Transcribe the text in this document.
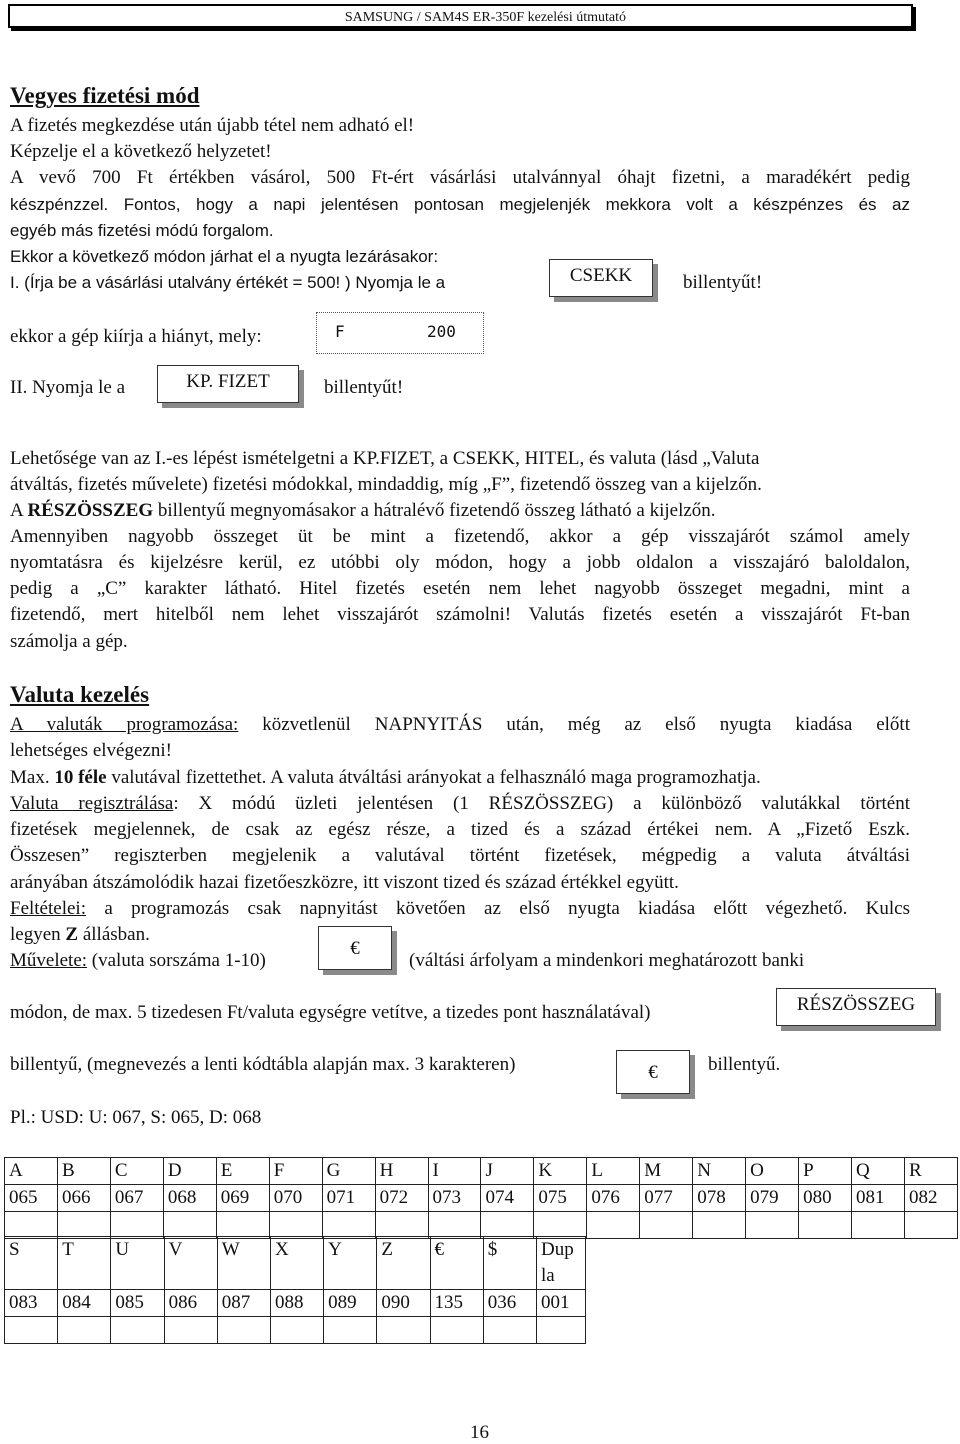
SAMSUNG / SAM4S ER-350F kezelési útmutató
Vegyes fizetési mód
A fizetés megkezdése után újabb tétel nem adható el!
Képzelje el a következő helyzetet!
A vevő 700 Ft értékben vásárol, 500 Ft-ért vásárlási utalvánnyal óhajt fizetni, a maradékért pedig
készpénzzel. Fontos, hogy a napi jelentésen pontosan megjelenjék mekkora volt a készpénzes és az
egyéb más fizetési módú forgalom.
Ekkor a következő módon járhat el a nyugta lezárásakor:
I. (Írja be a vásárlási utalvány értékét = 500! ) Nyomja le a	CSEKK	billentyűt!
ekkor a gép kiírja a hiányt, mely:	F	200
II. Nyomja le a	KP. FIZET	billentyűt!
Lehetősége van az I.-es lépést ismételgetni a KP.FIZET, a CSEKK, HITEL, és valuta (lásd „Valuta
átváltás, fizetés művelete) fizetési módokkal, mindaddig, míg „F”, fizetendő összeg van a kijelzőn.
A RÉSZÖSSZEG billentyű megnyomásakor a hátralévő fizetendő összeg látható a kijelzőn.
Amennyiben nagyobb összeget üt be mint a fizetendő, akkor a gép visszajárót számol amely
nyomtatásra és kijelzésre kerül, ez utóbbi oly módon, hogy a jobb oldalon a visszajáró baloldalon,
pedig a „C” karakter látható. Hitel fizetés esetén nem lehet nagyobb összeget megadni, mint a
fizetendő, mert hitelből nem lehet visszajárót számolni! Valutás fizetés esetén a visszajárót Ft-ban
számolja a gép.
Valuta kezelés
A valuták programozása: közvetlenül NAPNYITÁS után, még az első nyugta kiadása előtt
lehetséges elvégezni!
Max. 10 féle valutával fizettethet. A valuta átváltási arányokat a felhasználó maga programozhatja.
Valuta regisztrálása: X módú üzleti jelentésen (1 RÉSZÖSSZEG) a különböző valutákkal történt
fizetések megjelennek, de csak az egész része, a tized és a század értékei nem. A „Fizető Eszk.
Összesen” regiszterben megjelenik a valutával történt fizetések, mégpedig a valuta átváltási
arányában átszámolódik hazai fizetőeszközre, itt viszont tized és század értékkel együtt.
Feltételei: a programozás csak napnyitást követően az első nyugta kiadása előtt végezhető. Kulcs
legyen Z állásban.
Művelete: (valuta sorszáma 1-10)
€
(váltási árfolyam a mindenkori meghatározott banki
módon, de max. 5 tizedesen Ft/valuta egységre vetítve, a tizedes pont használatával)	RÉSZÖSSZEG
billentyű, (megnevezés a lenti kódtábla alapján max. 3 karakteren)	€	billentyű.
Pl.: USD: U: 067, S: 065, D: 068
A	B	C	D	E	F	G	H	I	J	K	L	M	N	O	P	Q	R
065	066	067	068	069	070	071	072	073	074	075	076	077	078	079	080	081	082

S	T	U	V	W	X	Y	Z	€	$	Dup la
083	084	085	086	087	088	089	090	135	036	001

16
